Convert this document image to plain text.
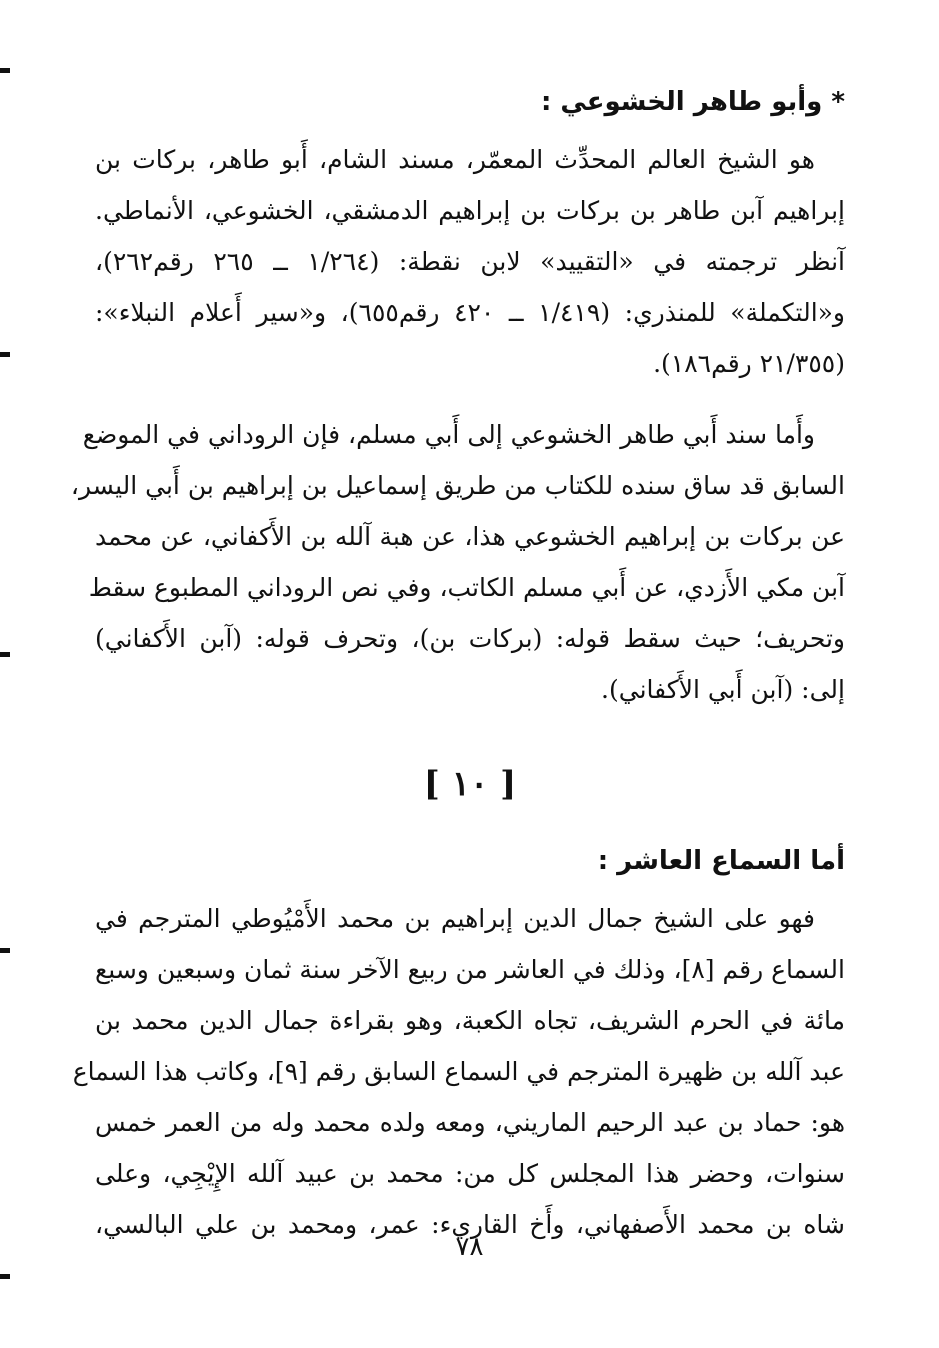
* وأبو طاهر الخشوعي :
هو الشيخ العالم المحدِّث المعمّر، مسند الشام، أَبو طاهر، بركات بن
إبراهيم آبن طاهر بن بركات بن إبراهيم الدمشقي، الخشوعي، الأنماطي.
آنظر ترجمته في «التقييد» لابن نقطة: (١/٢٦٤ ــ ٢٦٥ رقم٢٦٢)،
و«التكملة» للمنذري: (١/٤١٩ ــ ٤٢٠ رقم٦٥٥)، و«سير أَعلام النبلاء»:
(٢١/٣٥٥ رقم١٨٦).
وأَما سند أَبي طاهر الخشوعي إلى أَبي مسلم، فإن الروداني في الموضع
السابق قد ساق سنده للكتاب من طريق إسماعيل بن إبراهيم بن أَبي اليسر،
عن بركات بن إبراهيم الخشوعي هذا، عن هبة آلله بن الأَكفاني، عن محمد
آبن مكي الأَزدي، عن أَبي مسلم الكاتب، وفي نص الروداني المطبوع سقط
وتحريف؛ حيث سقط قوله: (بركات بن)، وتحرف قوله: (آبن الأَكفاني)
إلى: (آبن أَبي الأَكفاني).
[ ١٠ ]
أما السماع العاشر :
فهو على الشيخ جمال الدين إبراهيم بن محمد الأَمْيُوطي المترجم في
السماع رقم [٨]، وذلك في العاشر من ربيع الآخر سنة ثمان وسبعين وسبع
مائة في الحرم الشريف، تجاه الكعبة، وهو بقراءة جمال الدين محمد بن
عبد آلله بن ظهيرة المترجم في السماع السابق رقم [٩]، وكاتب هذا السماع
هو: حماد بن عبد الرحيم الماريني، ومعه ولده محمد وله من العمر خمس
سنوات، وحضر هذا المجلس كل من: محمد بن عبيد آلله الإِيْجِي، وعلى
شاه بن محمد الأَصفهاني، وأَخ القاريء: عمر، ومحمد بن علي البالسي،
٧٨
